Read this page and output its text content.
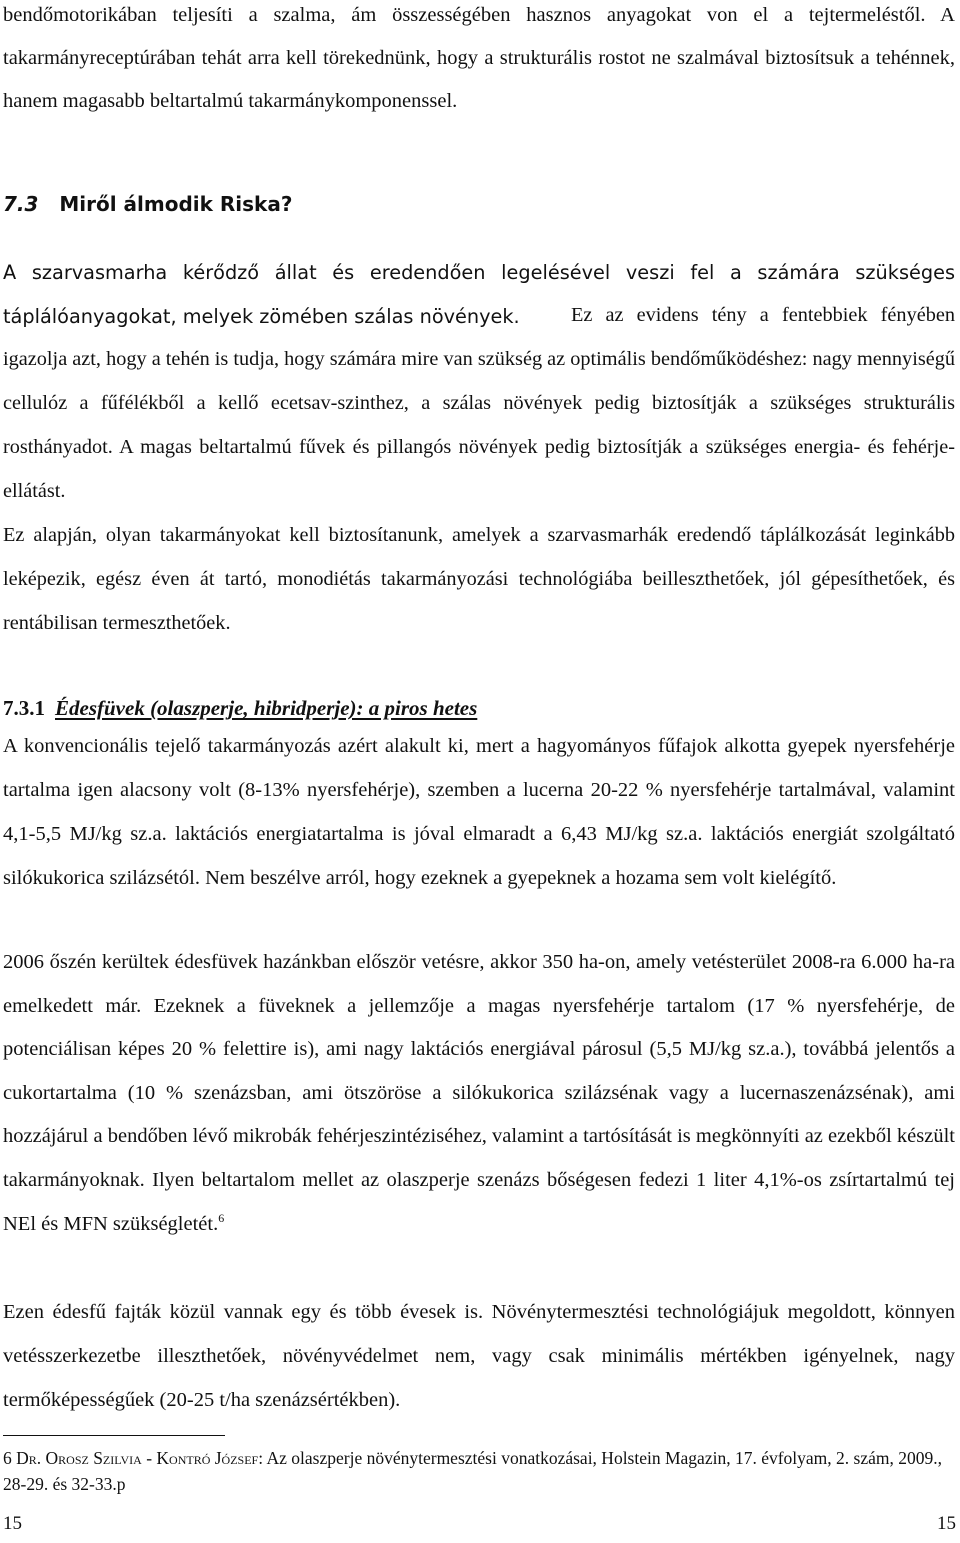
bendőmotorikában teljesíti a szalma, ám összességében hasznos anyagokat von el a tejtermeléstől. A takarmányreceptúrában tehát arra kell törekednünk, hogy a strukturális rostot ne szalmával biztosítsuk a tehénnek, hanem magasabb beltartalmú takarmánykomponenssel.

7.3 Miről álmodik Riska?

A szarvasmarha kérődző állat és eredendően legelésével veszi fel a számára szükséges táplálóanyagokat, melyek zömében szálas növények.	Ez az evidens tény a fentebbiek fényében igazolja azt, hogy a tehén is tudja, hogy számára mire van szükség az optimális bendőműködéshez: nagy mennyiségű cellulóz a fűfélékből a kellő ecetsav-szinthez, a szálas növények pedig biztosítják a szükséges strukturális rosthányadot. A magas beltartalmú fűvek és pillangós növények pedig biztosítják a szükséges energia- és fehérje-ellátást.

Ez alapján, olyan takarmányokat kell biztosítanunk, amelyek a szarvasmarhák eredendő táplálkozását leginkább leképezik, egész éven át tartó, monodiétás takarmányozási technológiába beilleszthetőek, jól gépesíthetőek, és rentábilisan termeszthetőek.

7.3.1 Édesfüvek (olaszperje, hibridperje): a piros hetes

A konvencionális tejelő takarmányozás azért alakult ki, mert a hagyományos fűfajok alkotta gyepek nyersfehérje tartalma igen alacsony volt (8-13% nyersfehérje), szemben a lucerna 20-22 % nyersfehérje tartalmával, valamint 4,1-5,5 MJ/kg sz.a. laktációs energiatartalma is jóval elmaradt a 6,43 MJ/kg sz.a. laktációs energiát szolgáltató silókukorica szilázsétól. Nem beszélve arról, hogy ezeknek a gyepeknek a hozama sem volt kielégítő.

2006 őszén kerültek édesfüvek hazánkban először vetésre, akkor 350 ha-on, amely vetésterület 2008-ra 6.000 ha-ra emelkedett már. Ezeknek a füveknek a jellemzője a magas nyersfehérje tartalom (17 % nyersfehérje, de potenciálisan képes 20 % felettire is), ami nagy laktációs energiával párosul (5,5 MJ/kg sz.a.), továbbá jelentős a cukortartalma (10 % szenázsban, ami ötszöröse a silókukorica szilázsénak vagy a lucernaszenázsénak), ami hozzájárul a bendőben lévő mikrobák fehérjeszintéziséhez, valamint a tartósítását is megkönnyíti az ezekből készült takarmányoknak. Ilyen beltartalom mellet az olaszperje szenázs bőségesen fedezi 1 liter 4,1%-os zsírtartalmú tej NEl és MFN szükségletét.$^6$

Ezen édesfű fajták közül vannak egy és több évesek is. Növénytermesztési technológiájuk megoldott, könnyen vetésszerkezetbe illeszthetőek, növényvédelmet nem, vagy csak minimális mértékben igényelnek, nagy termőképességűek (20-25 t/ha szenázsértékben).

6 Dr. Orosz Szilvia - Kontró József: Az olaszperje növénytermesztési vonatkozásai, Holstein Magazin, 17. évfolyam, 2. szám, 2009., 28-29. és 32-33.p

15	15
